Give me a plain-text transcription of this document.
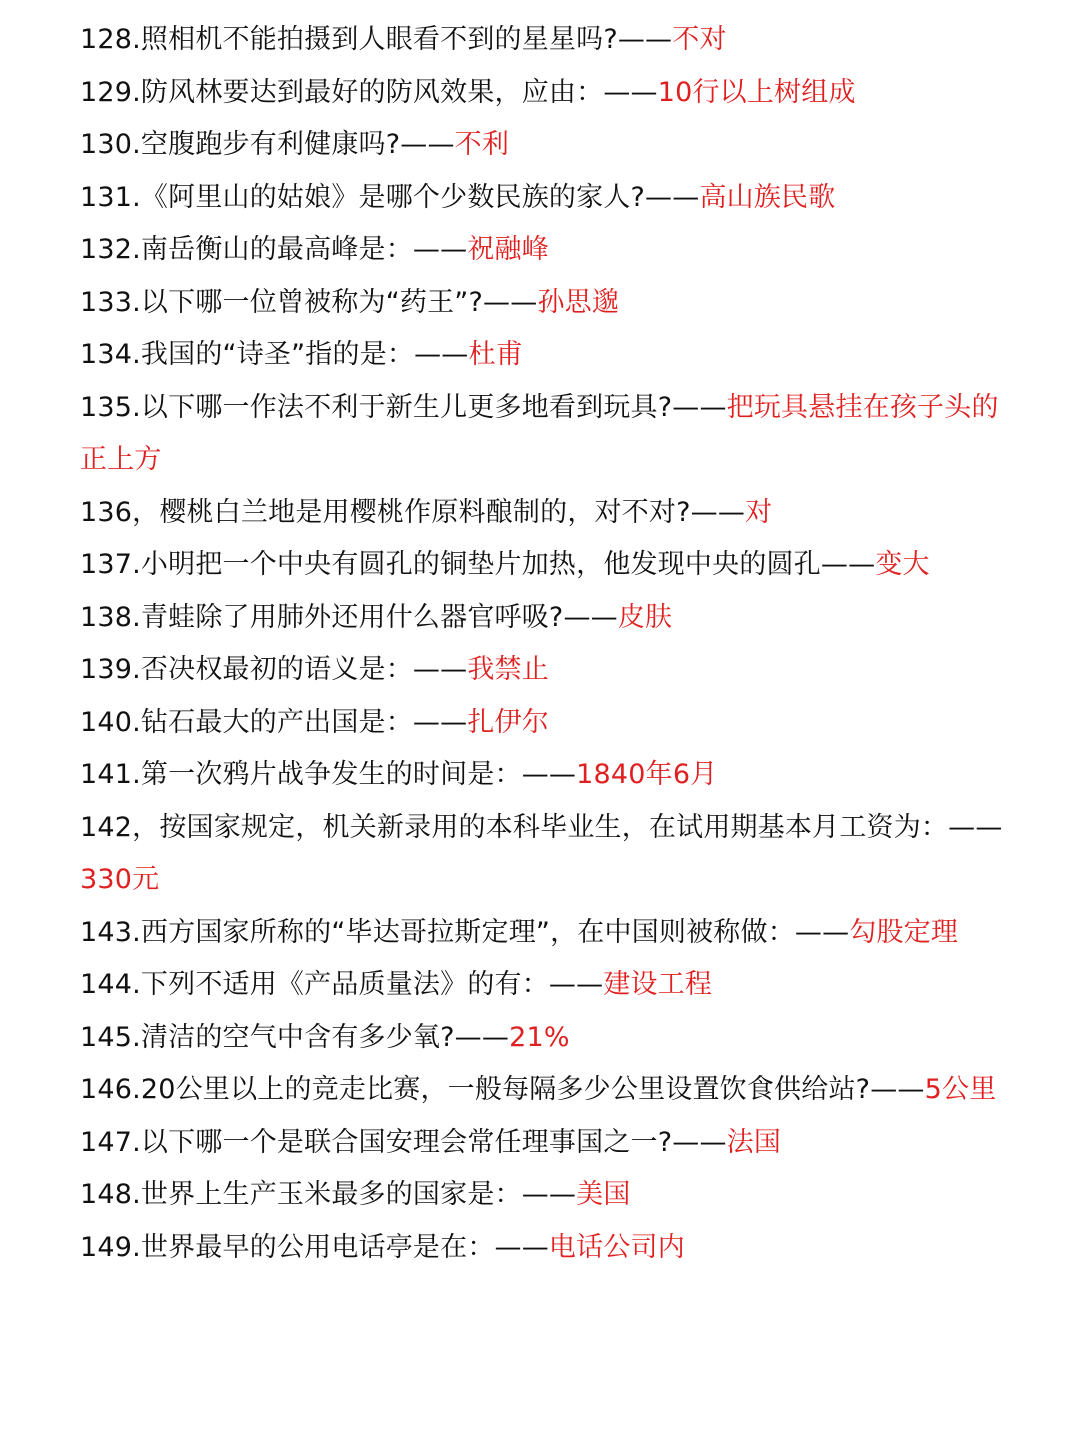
128.照相机不能拍摄到人眼看不到的星星吗?——不对

129.防风林要达到最好的防风效果，应由：——10行以上树组成

130.空腹跑步有利健康吗?——不利

131.《阿里山的姑娘》是哪个少数民族的家人?——高山族民歌

132.南岳衡山的最高峰是：——祝融峰

133.以下哪一位曾被称为“药王”?——孙思邈

134.我国的“诗圣”指的是：——杜甫

135.以下哪一作法不利于新生儿更多地看到玩具?——把玩具悬挂在孩子头的正上方

136，樱桃白兰地是用樱桃作原料酿制的，对不对?——对

137.小明把一个中央有圆孔的铜垫片加热，他发现中央的圆孔——变大

138.青蛙除了用肺外还用什么器官呼吸?——皮肤

139.否决权最初的语义是：——我禁止

140.钻石最大的产出国是：——扎伊尔

141.第一次鸦片战争发生的时间是：——1840年6月

142，按国家规定，机关新录用的本科毕业生，在试用期基本月工资为：——330元

143.西方国家所称的“毕达哥拉斯定理”，在中国则被称做：——勾股定理

144.下列不适用《产品质量法》的有：——建设工程

145.清洁的空气中含有多少氧?——21%

146.20公里以上的竞走比赛，一般每隔多少公里设置饮食供给站?——5公里

147.以下哪一个是联合国安理会常任理事国之一?——法国

148.世界上生产玉米最多的国家是：——美国

149.世界最早的公用电话亭是在：——电话公司内
